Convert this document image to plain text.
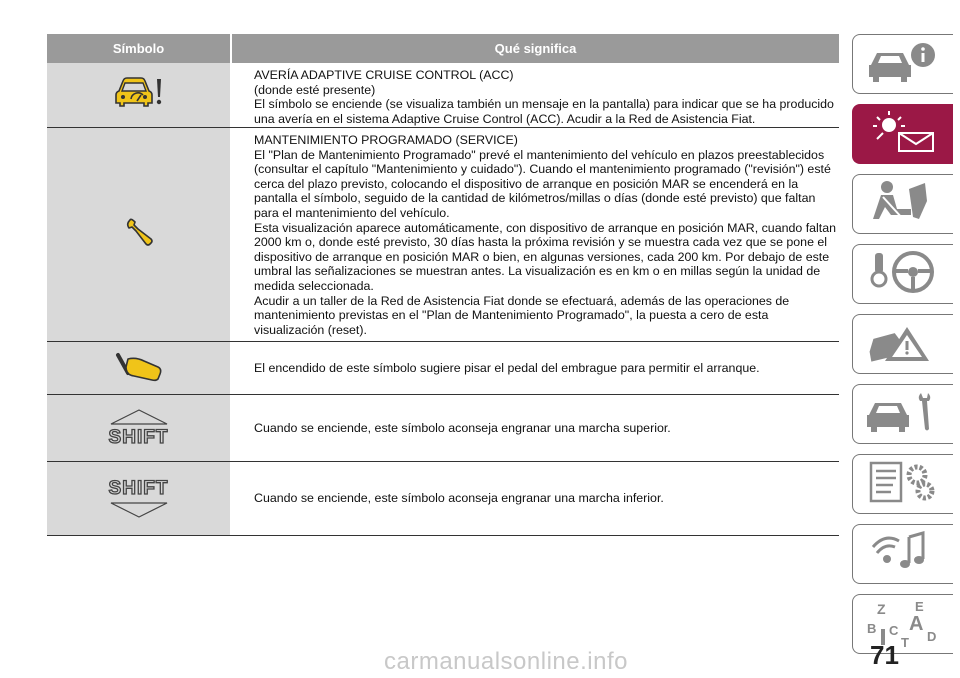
Símbolo	Qué significa
AVERÍA ADAPTIVE CRUISE CONTROL (ACC)
(donde esté presente)
El símbolo se enciende (se visualiza también un mensaje en la pantalla) para indicar que se ha producido una avería en el sistema Adaptive Cruise Control (ACC). Acudir a la Red de Asistencia Fiat.
MANTENIMIENTO PROGRAMADO (SERVICE)
El "Plan de Mantenimiento Programado" prevé el mantenimiento del vehículo en plazos preestablecidos (consultar el capítulo "Mantenimiento y cuidado"). Cuando el mantenimiento programado ("revisión") esté cerca del plazo previsto, colocando el dispositivo de arranque en posición MAR se encenderá en la pantalla el símbolo, seguido de la cantidad de kilómetros/millas o días (donde esté previsto) que faltan para el mantenimiento del vehículo.
Esta visualización aparece automáticamente, con dispositivo de arranque en posición MAR, cuando faltan 2000 km o, donde esté previsto, 30 días hasta la próxima revisión y se muestra cada vez que se pone el dispositivo de arranque en posición MAR o bien, en algunas versiones, cada 200 km. Por debajo de este umbral las señalizaciones se muestran antes. La visualización es en km o en millas según la unidad de medida seleccionada.
Acudir a un taller de la Red de Asistencia Fiat donde se efectuará, además de las operaciones de mantenimiento previstas en el "Plan de Mantenimiento Programado", la puesta a cero de esta visualización (reset).
El encendido de este símbolo sugiere pisar el pedal del embrague para permitir el arranque.
SHIFT	Cuando se enciende, este símbolo aconseja engranar una marcha superior.
SHIFT	Cuando se enciende, este símbolo aconseja engranar una marcha inferior.
Z E
B A
C D
T
71
carmanualsonline.info
